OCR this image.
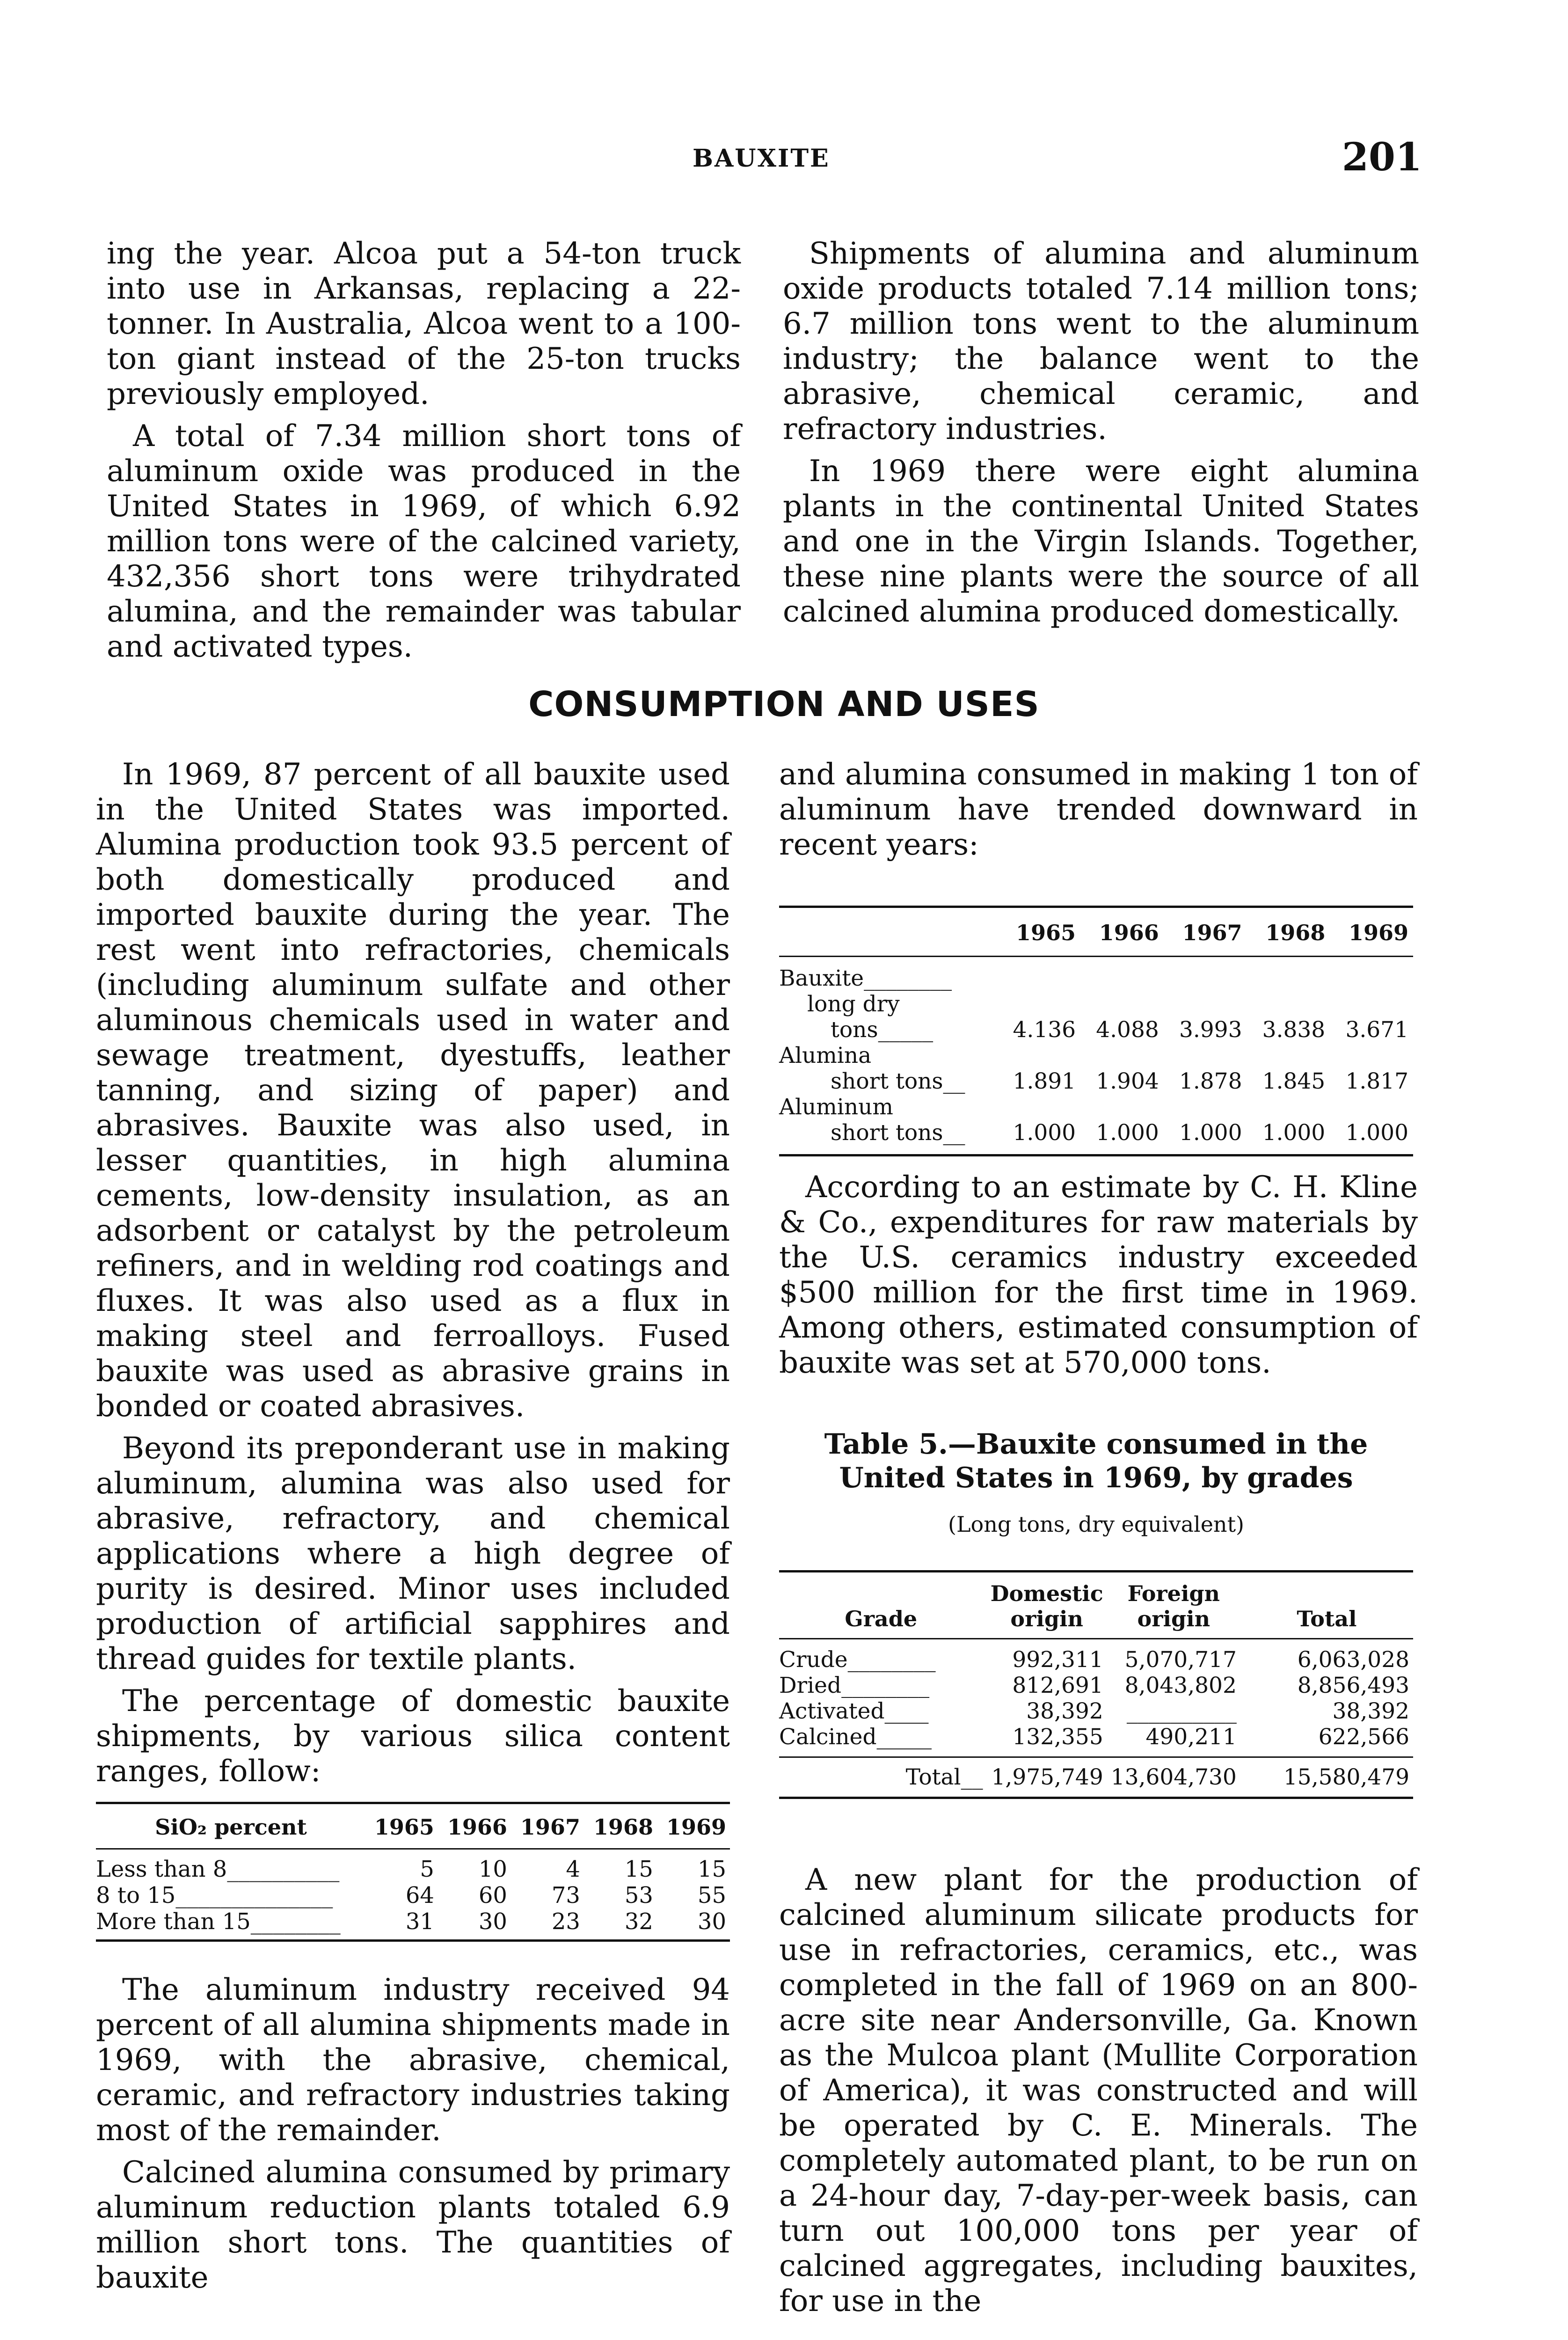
BAUXITE	201

ing the year. Alcoa put a 54-ton truck into use in Arkansas, replacing a 22-tonner. In Australia, Alcoa went to a 100-ton giant instead of the 25-ton trucks previously employed.

A total of 7.34 million short tons of aluminum oxide was produced in the United States in 1969, of which 6.92 million tons were of the calcined variety, 432,356 short tons were trihydrated alumina, and the remainder was tabular and activated types.

Shipments of alumina and aluminum oxide products totaled 7.14 million tons; 6.7 million tons went to the aluminum industry; the balance went to the abrasive, chemical ceramic, and refractory industries.

In 1969 there were eight alumina plants in the continental United States and one in the Virgin Islands. Together, these nine plants were the source of all calcined alumina produced domestically.

CONSUMPTION AND USES

In 1969, 87 percent of all bauxite used in the United States was imported. Alumina production took 93.5 percent of both domestically produced and imported bauxite during the year. The rest went into refractories, chemicals (including aluminum sulfate and other aluminous chemicals used in water and sewage treatment, dyestuffs, leather tanning, and sizing of paper) and abrasives. Bauxite was also used, in lesser quantities, in high alumina cements, low-density insulation, as an adsorbent or catalyst by the petroleum refiners, and in welding rod coatings and fluxes. It was also used as a flux in making steel and ferroalloys. Fused bauxite was used as abrasive grains in bonded or coated abrasives.

Beyond its preponderant use in making aluminum, alumina was also used for abrasive, refractory, and chemical applications where a high degree of purity is desired. Minor uses included production of artificial sapphires and thread guides for textile plants.

The percentage of domestic bauxite shipments, by various silica content ranges, follow:

SiO₂ percent	1965	1966	1967	1968	1969
Less than 8__________	5	10	4	15	15
8 to 15______________	64	60	73	53	55
More than 15________	31	30	23	32	30

The aluminum industry received 94 percent of all alumina shipments made in 1969, with the abrasive, chemical, ceramic, and refractory industries taking most of the remainder.

Calcined alumina consumed by primary aluminum reduction plants totaled 6.9 million short tons. The quantities of bauxite

and alumina consumed in making 1 ton of aluminum have trended downward in recent years:

	1965	1966	1967	1968	1969
Bauxite________					
long dry					
tons_____	4.136	4.088	3.993	3.838	3.671
Alumina					
short tons__	1.891	1.904	1.878	1.845	1.817
Aluminum					
short tons__	1.000	1.000	1.000	1.000	1.000

According to an estimate by C. H. Kline & Co., expenditures for raw materials by the U.S. ceramics industry exceeded $500 million for the first time in 1969. Among others, estimated consumption of bauxite was set at 570,000 tons.

Table 5.—Bauxite consumed in the
United States in 1969, by grades
(Long tons, dry equivalent)
Grade	Domestic origin	Foreign origin	Total
Crude________	992,311	5,070,717	6,063,028
Dried________	812,691	8,043,802	8,856,493
Activated____	38,392	__________	38,392
Calcined_____	132,355	490,211	622,566
Total__	1,975,749	13,604,730	15,580,479

A new plant for the production of calcined aluminum silicate products for use in refractories, ceramics, etc., was completed in the fall of 1969 on an 800-acre site near Andersonville, Ga. Known as the Mulcoa plant (Mullite Corporation of America), it was constructed and will be operated by C. E. Minerals. The completely automated plant, to be run on a 24-hour day, 7-day-per-week basis, can turn out 100,000 tons per year of calcined aggregates, including bauxites, for use in the
